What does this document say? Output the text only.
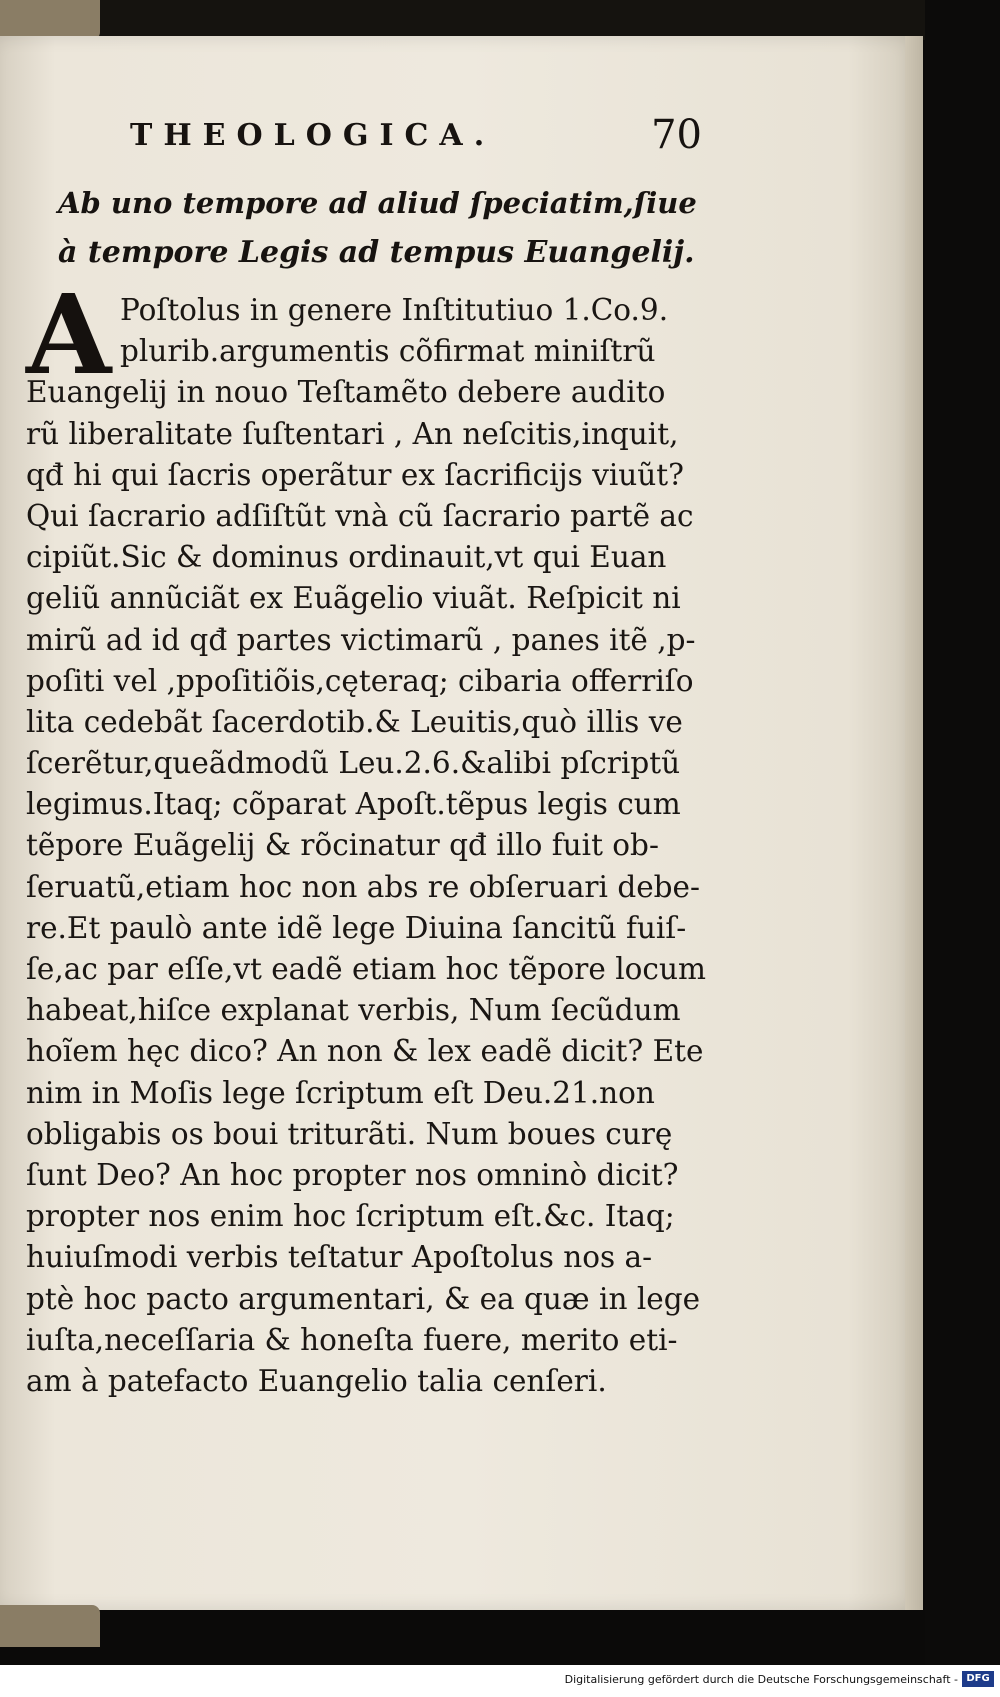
THEOLOGICA.	70
Ab uno tempore ad aliud ſpeciatim,ſiue
à tempore Legis ad tempus Euangelij.
A Poſtolus in genere Inſtitutiuo 1.Co.9.
plurib.argumentis cõfirmat miniſtrũ
Euangelij in nouo Teſtamẽto debere audito
rũ liberalitate ſuſtentari , An neſcitis,inquit,
qđ hi qui ſacris operãtur ex ſacrificijs viuũt?
Qui ſacrario adſiſtũt vnà cũ ſacrario partẽ ac
cipiũt.Sic & dominus ordinauit,vt qui Euan
geliũ annũciãt ex Euãgelio viuãt. Reſpicit ni
mirũ ad id qđ partes victimarũ , panes itẽ ,p-
poſiti vel ,ppoſitiõis,cęteraq; cibaria offerriſo
lita cedebãt ſacerdotib.& Leuitis,quò illis ve
ſcerẽtur,queãdmodũ Leu.2.6.&alibi pſcriptũ
legimus.Itaq; cõparat Apoſt.tẽpus legis cum
tẽpore Euãgelij & rõcinatur qđ illo fuit ob-
ſeruatũ,etiam hoc non abs re obſeruari debe-
re.Et paulò ante idẽ lege Diuina ſancitũ fuiſ-
ſe,ac par eſſe,vt eadẽ etiam hoc tẽpore locum
habeat,hiſce explanat verbis, Num ſecũdum
hoĩem hęc dico? An non & lex eadẽ dicit? Ete
nim in Moſis lege ſcriptum eſt Deu.21.non
obligabis os boui triturãti. Num boues curę
ſunt Deo? An hoc propter nos omninò dicit?
propter nos enim hoc ſcriptum eſt.&c. Itaq;
huiuſmodi verbis teſtatur Apoſtolus nos a-
ptè hoc pacto argumentari, & ea quæ in lege
iuſta,neceſſaria & honeſta fuere, merito eti-
am à patefacto Euangelio talia cenſeri.
Digitalisierung gefördert durch die Deutsche Forschungsgemeinschaft - DFG
